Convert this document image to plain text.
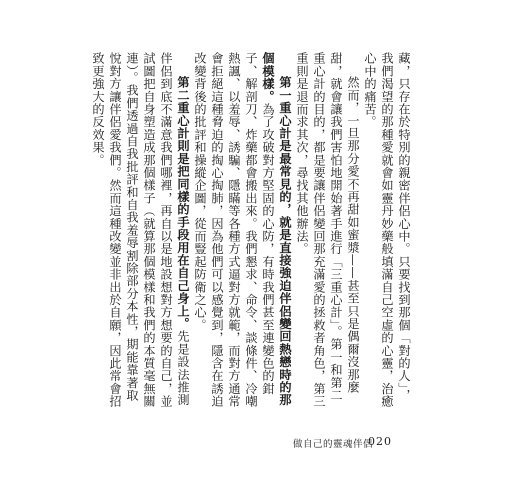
藏，只存在於特別的親密伴侶心中。只要找到那個「對的人」，我們渴望的那種愛就會如靈丹妙藥般填滿自己空虛的心靈，治癒心中的痛苦。

然而，一旦那分愛不再甜如蜜漿——甚至只是偶爾沒那麼甜，就會讓我們害怕地開始著手進行「三重心計」。第一和第二重心計的目的，都是要讓伴侶變回那充滿愛的拯救者角色，第三重則是退而求其次，尋找其他辦法。

第一重心計是最常見的，就是直接強迫伴侶變回熱戀時的那個模樣。為了攻破對方堅固的心防，有時我們甚至連變色的鉗子、解剖刀、炸藥都會搬出來。我們懇求、命令、談條件、冷嘲熱諷、以羞辱、誘騙、隱瞞等各種方式逼對方就範，而對方通常會拒絕這種脅迫的掏心掏肺，因為他們可以感覺到，隱含在誘迫改變背後的批評和操縱企圖，從而豎起防衛之心。

第二重心計則是把同樣的手段用在自己身上。先是設法推測伴侶到底不滿意我們哪裡，再自以是地設想對方想要的自己，並試圖把自身塑造成那個樣子（就算那個模樣和我們的本質毫無關連）。我們透過自我批評和自我羞辱割除部分本性，期能靠著取悅對方讓伴侶愛我們。然而這種改變並非出於自願，因此常會招致更強大的反效果。

做自己的靈魂伴侶
020
